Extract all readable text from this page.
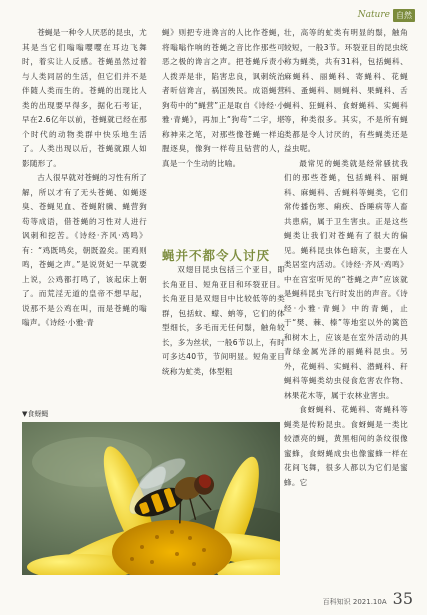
Nature 自然

苍蝇是一种令人厌恶的昆虫，尤其是当它们嗡嗡嘤嘤在耳边飞舞时，着实让人反感。苍蝇虽然过着与人类同居的生活，但它们并不是伴随人类而生的。苍蝇的出现比人类的出现要早得多，据化石考证，早在2.6亿年以前，苍蝇就已经在那个时代的动物类群中快乐地生活了。人类出现以后，苍蝇就跟人如影随形了。

古人很早就对苍蝇的习性有所了解，所以才有了无头苍蝇、如蝇逐臭、苍蝇见血、苍蝇附骥、蝇营狗苟等成语，借苍蝇的习性对人进行讽刺和挖苦。《诗经·齐风·鸡鸣》有：“鸡既鸣矣，朝既盈矣。匪鸡则鸣，苍蝇之声。”是说贤妃一早就要上说，公鸡都打鸣了，该起床上朝了。而荒淫无道的皇帝不想早起，说那不是公鸡在叫，而是苍蝇的嗡嗡声。《诗经·小雅·青

蝇》则把专进谗言的人比作苍蝇，将嗡嗡作响的苍蝇之音比作那些可恶之极的谗言之声。把苍蝇斥责小人拨弄是非，陷害忠良，讽刺统治者听信谗言，祸国殃民。成语蝇营狗苟中的“蝇营”正是取自《诗经·小雅·青蝇》，再加上“狗苟”二字，堪称神来之笔，对那些像苍蝇一样追腥逐臭，像狗一样苟且钻营的人，真是一个生动的比喻。

蝇并不都令人讨厌

双翅目昆虫包括三个亚目，即长角亚目、短角亚目和环裂亚目。长角亚目是双翅目中比较低等的类群，包括蚊、蠓、蚋等，它们的体型细长，多毛而无任何鬃，触角较长，多为丝状，一般6节以上，有时可多达40节，节间明显。短角亚目统称为虻类，体型粗

壮，高等的虻类有明显的鬃，触角较短，一般3节。环裂亚目的昆虫统称为蝇类，共有31科，包括蝇科、麻蝇科、丽蝇科、寄蝇科、花蝇科、蚤蝇科、厕蝇科、果蝇科、舌蝇科、狂蝇科、食蚜蝇科、实蝇科等，种类很多。其实，不是所有蝇类都是令人讨厌的，有些蝇类还是益虫呢。

最常见的蝇类就是经常骚扰我们的那些苍蝇，包括蝇科、丽蝇科、麻蝇科、舌蝇科等蝇类，它们常传播伤寒、痢疾、昏睡病等人畜共患病，属于卫生害虫。正是这些蝇类让我们对苍蝇有了很大的偏见。蝇科昆虫体色暗灰，主要在人类居室内活动。《诗经·齐风·鸡鸣》中在宫室听见的“苍蝇之声”应该就是蝇科昆虫飞行时发出的声音。《诗经·小雅·青蝇》中的青蝇，止于“樊、棘、榛”等地室以外的篱笆和树木上，应该是在室外活动的具青绿金属光泽的丽蝇科昆虫。另外，花蝇科、实蝇科、潜蝇科、秆蝇科等蝇类幼虫侵食危害农作物、林果花木等，属于农林业害虫。

食蚜蝇科、花蝇科、寄蝇科等蝇类是传粉昆虫。食蚜蝇是一类比较漂亮的蝇，黄黑相间的条纹很像蜜蜂，食蚜蝇成虫也像蜜蜂一样在花间飞舞，很多人都以为它们是蜜蜂。它

▼食蚜蝇
百科知识 2021.10A 35
